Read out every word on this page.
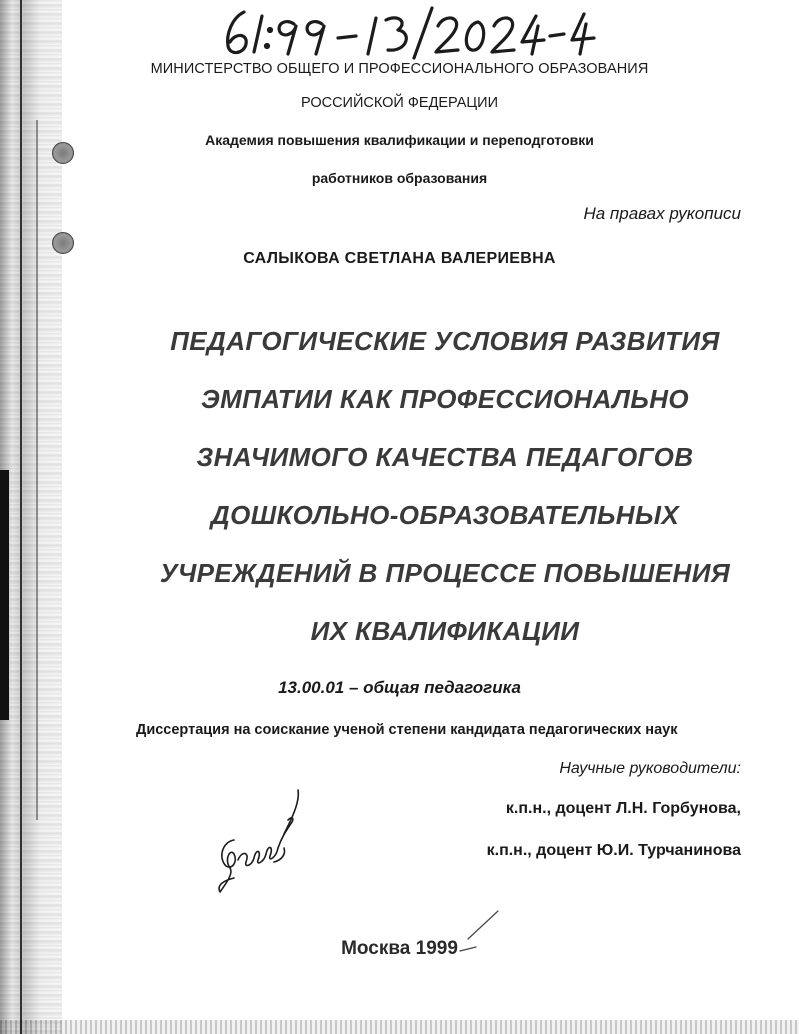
МИНИСТЕРСТВО ОБЩЕГО И ПРОФЕССИОНАЛЬНОГО ОБРАЗОВАНИЯ
РОССИЙСКОЙ ФЕДЕРАЦИИ
Академия повышения квалификации и переподготовки
работников образования
На правах рукописи
САЛЫКОВА СВЕТЛАНА ВАЛЕРИЕВНА
ПЕДАГОГИЧЕСКИЕ УСЛОВИЯ РАЗВИТИЯ
ЭМПАТИИ КАК ПРОФЕССИОНАЛЬНО
ЗНАЧИМОГО КАЧЕСТВА ПЕДАГОГОВ
ДОШКОЛЬНО-ОБРАЗОВАТЕЛЬНЫХ
УЧРЕЖДЕНИЙ В ПРОЦЕССЕ ПОВЫШЕНИЯ
ИХ КВАЛИФИКАЦИИ
13.00.01 – общая педагогика
Диссертация на соискание ученой степени кандидата педагогических наук
Научные руководители:
к.п.н., доцент Л.Н. Горбунова,
к.п.н., доцент Ю.И. Турчанинова
Москва 1999
